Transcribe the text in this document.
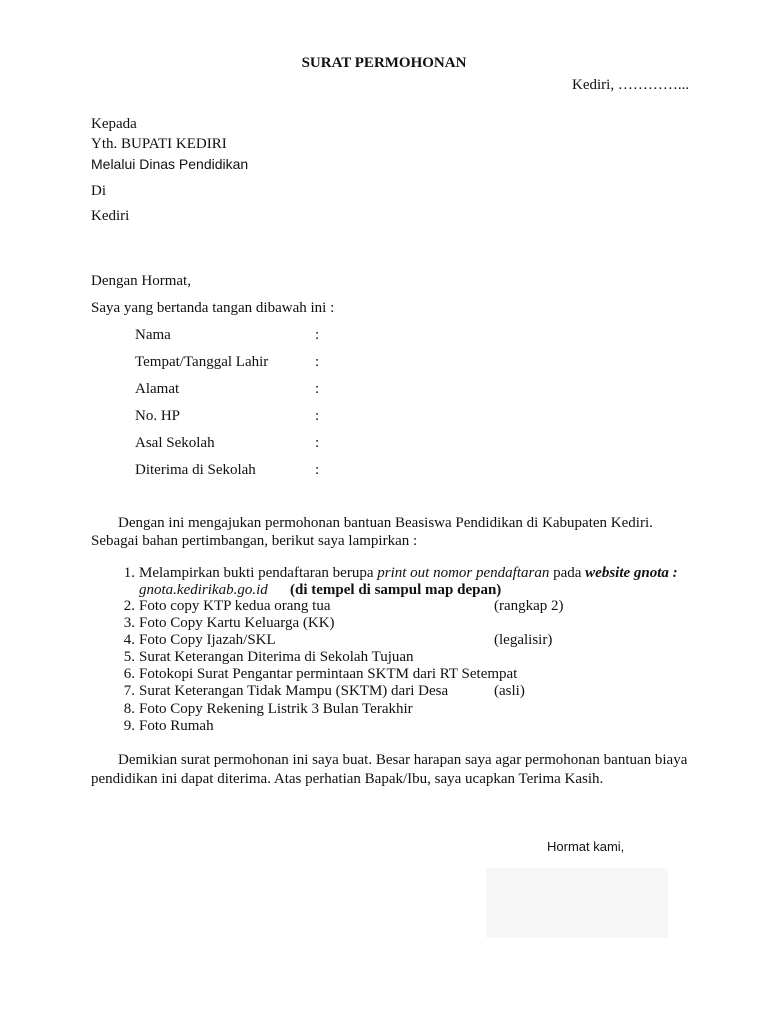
SURAT PERMOHONAN
Kediri, …………...
Kepada
Yth. BUPATI KEDIRI
Melalui Dinas Pendidikan
Di
Kediri
Dengan Hormat,
Saya yang bertanda tangan dibawah ini :
Nama	:
Tempat/Tanggal Lahir	:
Alamat	:
No. HP	:
Asal Sekolah	:
Diterima di Sekolah	:
Dengan ini mengajukan permohonan bantuan Beasiswa Pendidikan di Kabupaten Kediri.
Sebagai bahan pertimbangan, berikut saya lampirkan :
1. Melampirkan bukti pendaftaran berupa print out nomor pendaftaran pada website gnota :
gnota.kedirikab.go.id (di tempel di sampul map depan)
2. Foto copy KTP kedua orang tua	(rangkap 2)
3. Foto Copy Kartu Keluarga (KK)
4. Foto Copy Ijazah/SKL	(legalisir)
5. Surat Keterangan Diterima di Sekolah Tujuan
6. Fotokopi Surat Pengantar permintaan SKTM dari RT Setempat
7. Surat Keterangan Tidak Mampu (SKTM) dari Desa	(asli)
8. Foto Copy Rekening Listrik 3 Bulan Terakhir
9. Foto Rumah
Demikian surat permohonan ini saya buat. Besar harapan saya agar permohonan bantuan biaya
pendidikan ini dapat diterima. Atas perhatian Bapak/Ibu, saya ucapkan Terima Kasih.
Hormat kami,
